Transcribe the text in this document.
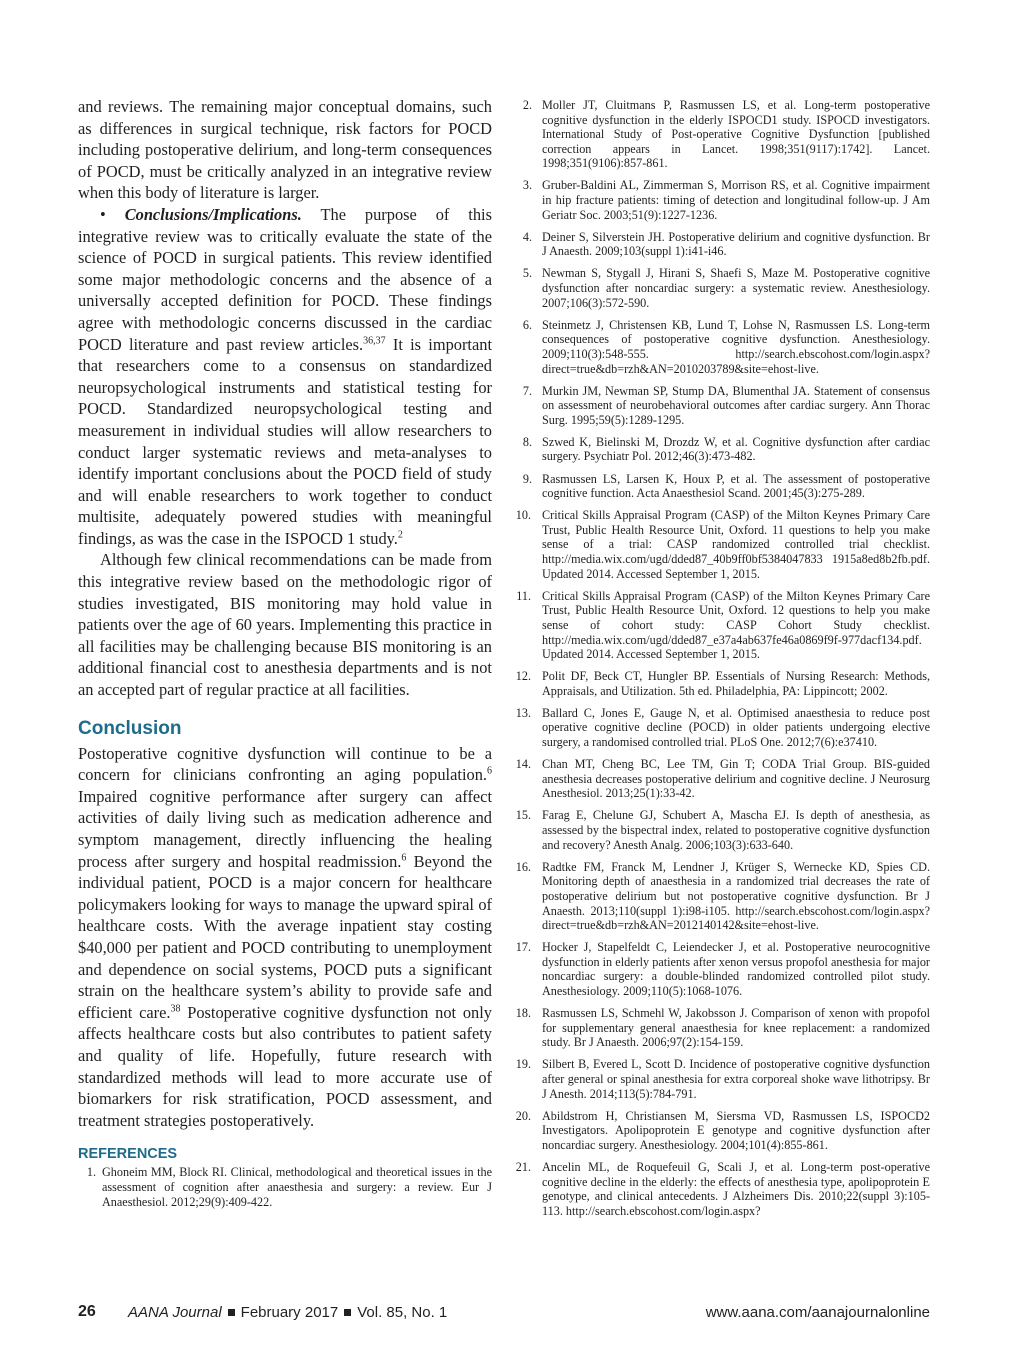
and reviews. The remaining major conceptual domains, such as differences in surgical technique, risk factors for POCD including postoperative delirium, and long-term consequences of POCD, must be critically analyzed in an integrative review when this body of literature is larger.

• Conclusions/Implications. The purpose of this integrative review was to critically evaluate the state of the science of POCD in surgical patients. This review identified some major methodologic concerns and the absence of a universally accepted definition for POCD. These findings agree with methodologic concerns discussed in the cardiac POCD literature and past review articles.$^{36,37}$ It is important that researchers come to a consensus on standardized neuropsychological instruments and statistical testing for POCD. Standardized neuropsychological testing and measurement in individual studies will allow researchers to conduct larger systematic reviews and meta-analyses to identify important conclusions about the POCD field of study and will enable researchers to work together to conduct multisite, adequately powered studies with meaningful findings, as was the case in the ISPOCD 1 study.$^2$

Although few clinical recommendations can be made from this integrative review based on the methodologic rigor of studies investigated, BIS monitoring may hold value in patients over the age of 60 years. Implementing this practice in all facilities may be challenging because BIS monitoring is an additional financial cost to anesthesia departments and is not an accepted part of regular practice at all facilities.

Conclusion

Postoperative cognitive dysfunction will continue to be a concern for clinicians confronting an aging population.$^6$ Impaired cognitive performance after surgery can affect activities of daily living such as medication adherence and symptom management, directly influencing the healing process after surgery and hospital readmission.$^6$ Beyond the individual patient, POCD is a major concern for healthcare policymakers looking for ways to manage the upward spiral of healthcare costs. With the average inpatient stay costing $40,000 per patient and POCD contributing to unemployment and dependence on social systems, POCD puts a significant strain on the healthcare system’s ability to provide safe and efficient care.$^{38}$ Postoperative cognitive dysfunction not only affects healthcare costs but also contributes to patient safety and quality of life. Hopefully, future research with standardized methods will lead to more accurate use of biomarkers for risk stratification, POCD assessment, and treatment strategies postoperatively.

REFERENCES
1. Ghoneim MM, Block RI. Clinical, methodological and theoretical issues in the assessment of cognition after anaesthesia and surgery: a review. Eur J Anaesthesiol. 2012;29(9):409-422.
2. Moller JT, Cluitmans P, Rasmussen LS, et al. Long-term postoperative cognitive dysfunction in the elderly ISPOCD1 study. ISPOCD investigators. International Study of Post-operative Cognitive Dysfunction [published correction appears in Lancet. 1998;351(9117):1742]. Lancet. 1998;351(9106):857-861.
3. Gruber-Baldini AL, Zimmerman S, Morrison RS, et al. Cognitive impairment in hip fracture patients: timing of detection and longitudinal follow-up. J Am Geriatr Soc. 2003;51(9):1227-1236.
4. Deiner S, Silverstein JH. Postoperative delirium and cognitive dysfunction. Br J Anaesth. 2009;103(suppl 1):i41-i46.
5. Newman S, Stygall J, Hirani S, Shaefi S, Maze M. Postoperative cognitive dysfunction after noncardiac surgery: a systematic review. Anesthesiology. 2007;106(3):572-590.
6. Steinmetz J, Christensen KB, Lund T, Lohse N, Rasmussen LS. Long-term consequences of postoperative cognitive dysfunction. Anesthesiology. 2009;110(3):548-555. http://search.ebscohost.com/login.aspx?direct=true&db=rzh&AN=2010203789&site=ehost-live.
7. Murkin JM, Newman SP, Stump DA, Blumenthal JA. Statement of consensus on assessment of neurobehavioral outcomes after cardiac surgery. Ann Thorac Surg. 1995;59(5):1289-1295.
8. Szwed K, Bielinski M, Drozdz W, et al. Cognitive dysfunction after cardiac surgery. Psychiatr Pol. 2012;46(3):473-482.
9. Rasmussen LS, Larsen K, Houx P, et al. The assessment of postoperative cognitive function. Acta Anaesthesiol Scand. 2001;45(3):275-289.
10. Critical Skills Appraisal Program (CASP) of the Milton Keynes Primary Care Trust, Public Health Resource Unit, Oxford. 11 questions to help you make sense of a trial: CASP randomized controlled trial checklist. http://media.wix.com/ugd/dded87_40b9ff0bf5384047833 1915a8ed8b2fb.pdf. Updated 2014. Accessed September 1, 2015.
11. Critical Skills Appraisal Program (CASP) of the Milton Keynes Primary Care Trust, Public Health Resource Unit, Oxford. 12 questions to help you make sense of cohort study: CASP Cohort Study checklist. http://media.wix.com/ugd/dded87_e37a4ab637fe46a0869f9f-977dacf134.pdf. Updated 2014. Accessed September 1, 2015.
12. Polit DF, Beck CT, Hungler BP. Essentials of Nursing Research: Methods, Appraisals, and Utilization. 5th ed. Philadelphia, PA: Lippincott; 2002.
13. Ballard C, Jones E, Gauge N, et al. Optimised anaesthesia to reduce post operative cognitive decline (POCD) in older patients undergoing elective surgery, a randomised controlled trial. PLoS One. 2012;7(6):e37410.
14. Chan MT, Cheng BC, Lee TM, Gin T; CODA Trial Group. BIS-guided anesthesia decreases postoperative delirium and cognitive decline. J Neurosurg Anesthesiol. 2013;25(1):33-42.
15. Farag E, Chelune GJ, Schubert A, Mascha EJ. Is depth of anesthesia, as assessed by the bispectral index, related to postoperative cognitive dysfunction and recovery? Anesth Analg. 2006;103(3):633-640.
16. Radtke FM, Franck M, Lendner J, Krüger S, Wernecke KD, Spies CD. Monitoring depth of anaesthesia in a randomized trial decreases the rate of postoperative delirium but not postoperative cognitive dysfunction. Br J Anaesth. 2013;110(suppl 1):i98-i105. http://search.ebscohost.com/login.aspx?direct=true&db=rzh&AN=2012140142&site=ehost-live.
17. Hocker J, Stapelfeldt C, Leiendecker J, et al. Postoperative neurocognitive dysfunction in elderly patients after xenon versus propofol anesthesia for major noncardiac surgery: a double-blinded randomized controlled pilot study. Anesthesiology. 2009;110(5):1068-1076.
18. Rasmussen LS, Schmehl W, Jakobsson J. Comparison of xenon with propofol for supplementary general anaesthesia for knee replacement: a randomized study. Br J Anaesth. 2006;97(2):154-159.
19. Silbert B, Evered L, Scott D. Incidence of postoperative cognitive dysfunction after general or spinal anesthesia for extra corporeal shoke wave lithotripsy. Br J Anesth. 2014;113(5):784-791.
20. Abildstrom H, Christiansen M, Siersma VD, Rasmussen LS, ISPOCD2 Investigators. Apolipoprotein E genotype and cognitive dysfunction after noncardiac surgery. Anesthesiology. 2004;101(4):855-861.
21. Ancelin ML, de Roquefeuil G, Scali J, et al. Long-term post-operative cognitive decline in the elderly: the effects of anesthesia type, apolipoprotein E genotype, and clinical antecedents. J Alzheimers Dis. 2010;22(suppl 3):105-113. http://search.ebscohost.com/login.aspx?
26 AANA Journal February 2017 Vol. 85, No. 1	www.aana.com/aanajournalonline
